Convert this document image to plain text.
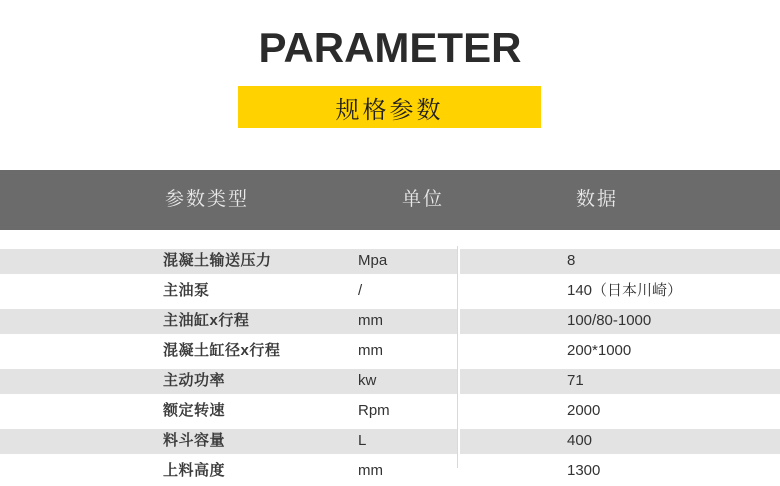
PARAMETER
规格参数
参数类型	单位	数据
混凝土输送压力	Mpa	8
主油泵	/	140（日本川崎）
主油缸x行程	mm	100/80-1000
混凝土缸径x行程	mm	200*1000
主动功率	kw	71
额定转速	Rpm	2000
料斗容量	L	400
上料高度	mm	1300
